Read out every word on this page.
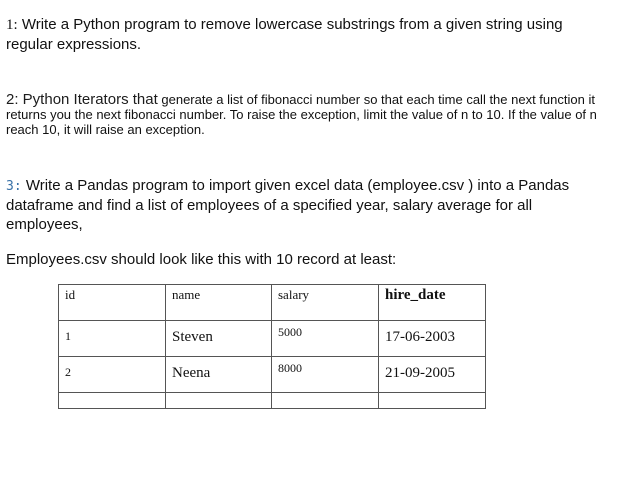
1: Write a Python program to remove lowercase substrings from a given string using regular expressions.

2: Python Iterators that generate a list of fibonacci number so that each time call the next function it returns you the next fibonacci number. To raise the exception, limit the value of n to 10. If the value of n reach 10, it will raise an exception.

3: Write a Pandas program to import given excel data (employee.csv ) into a Pandas dataframe and find a list of employees of a specified year, salary average for all employees,

Employees.csv should look like this with 10 record at least:

id	name	salary	hire_date
1	Steven	5000	17-06-2003
2	Neena	8000	21-09-2005
